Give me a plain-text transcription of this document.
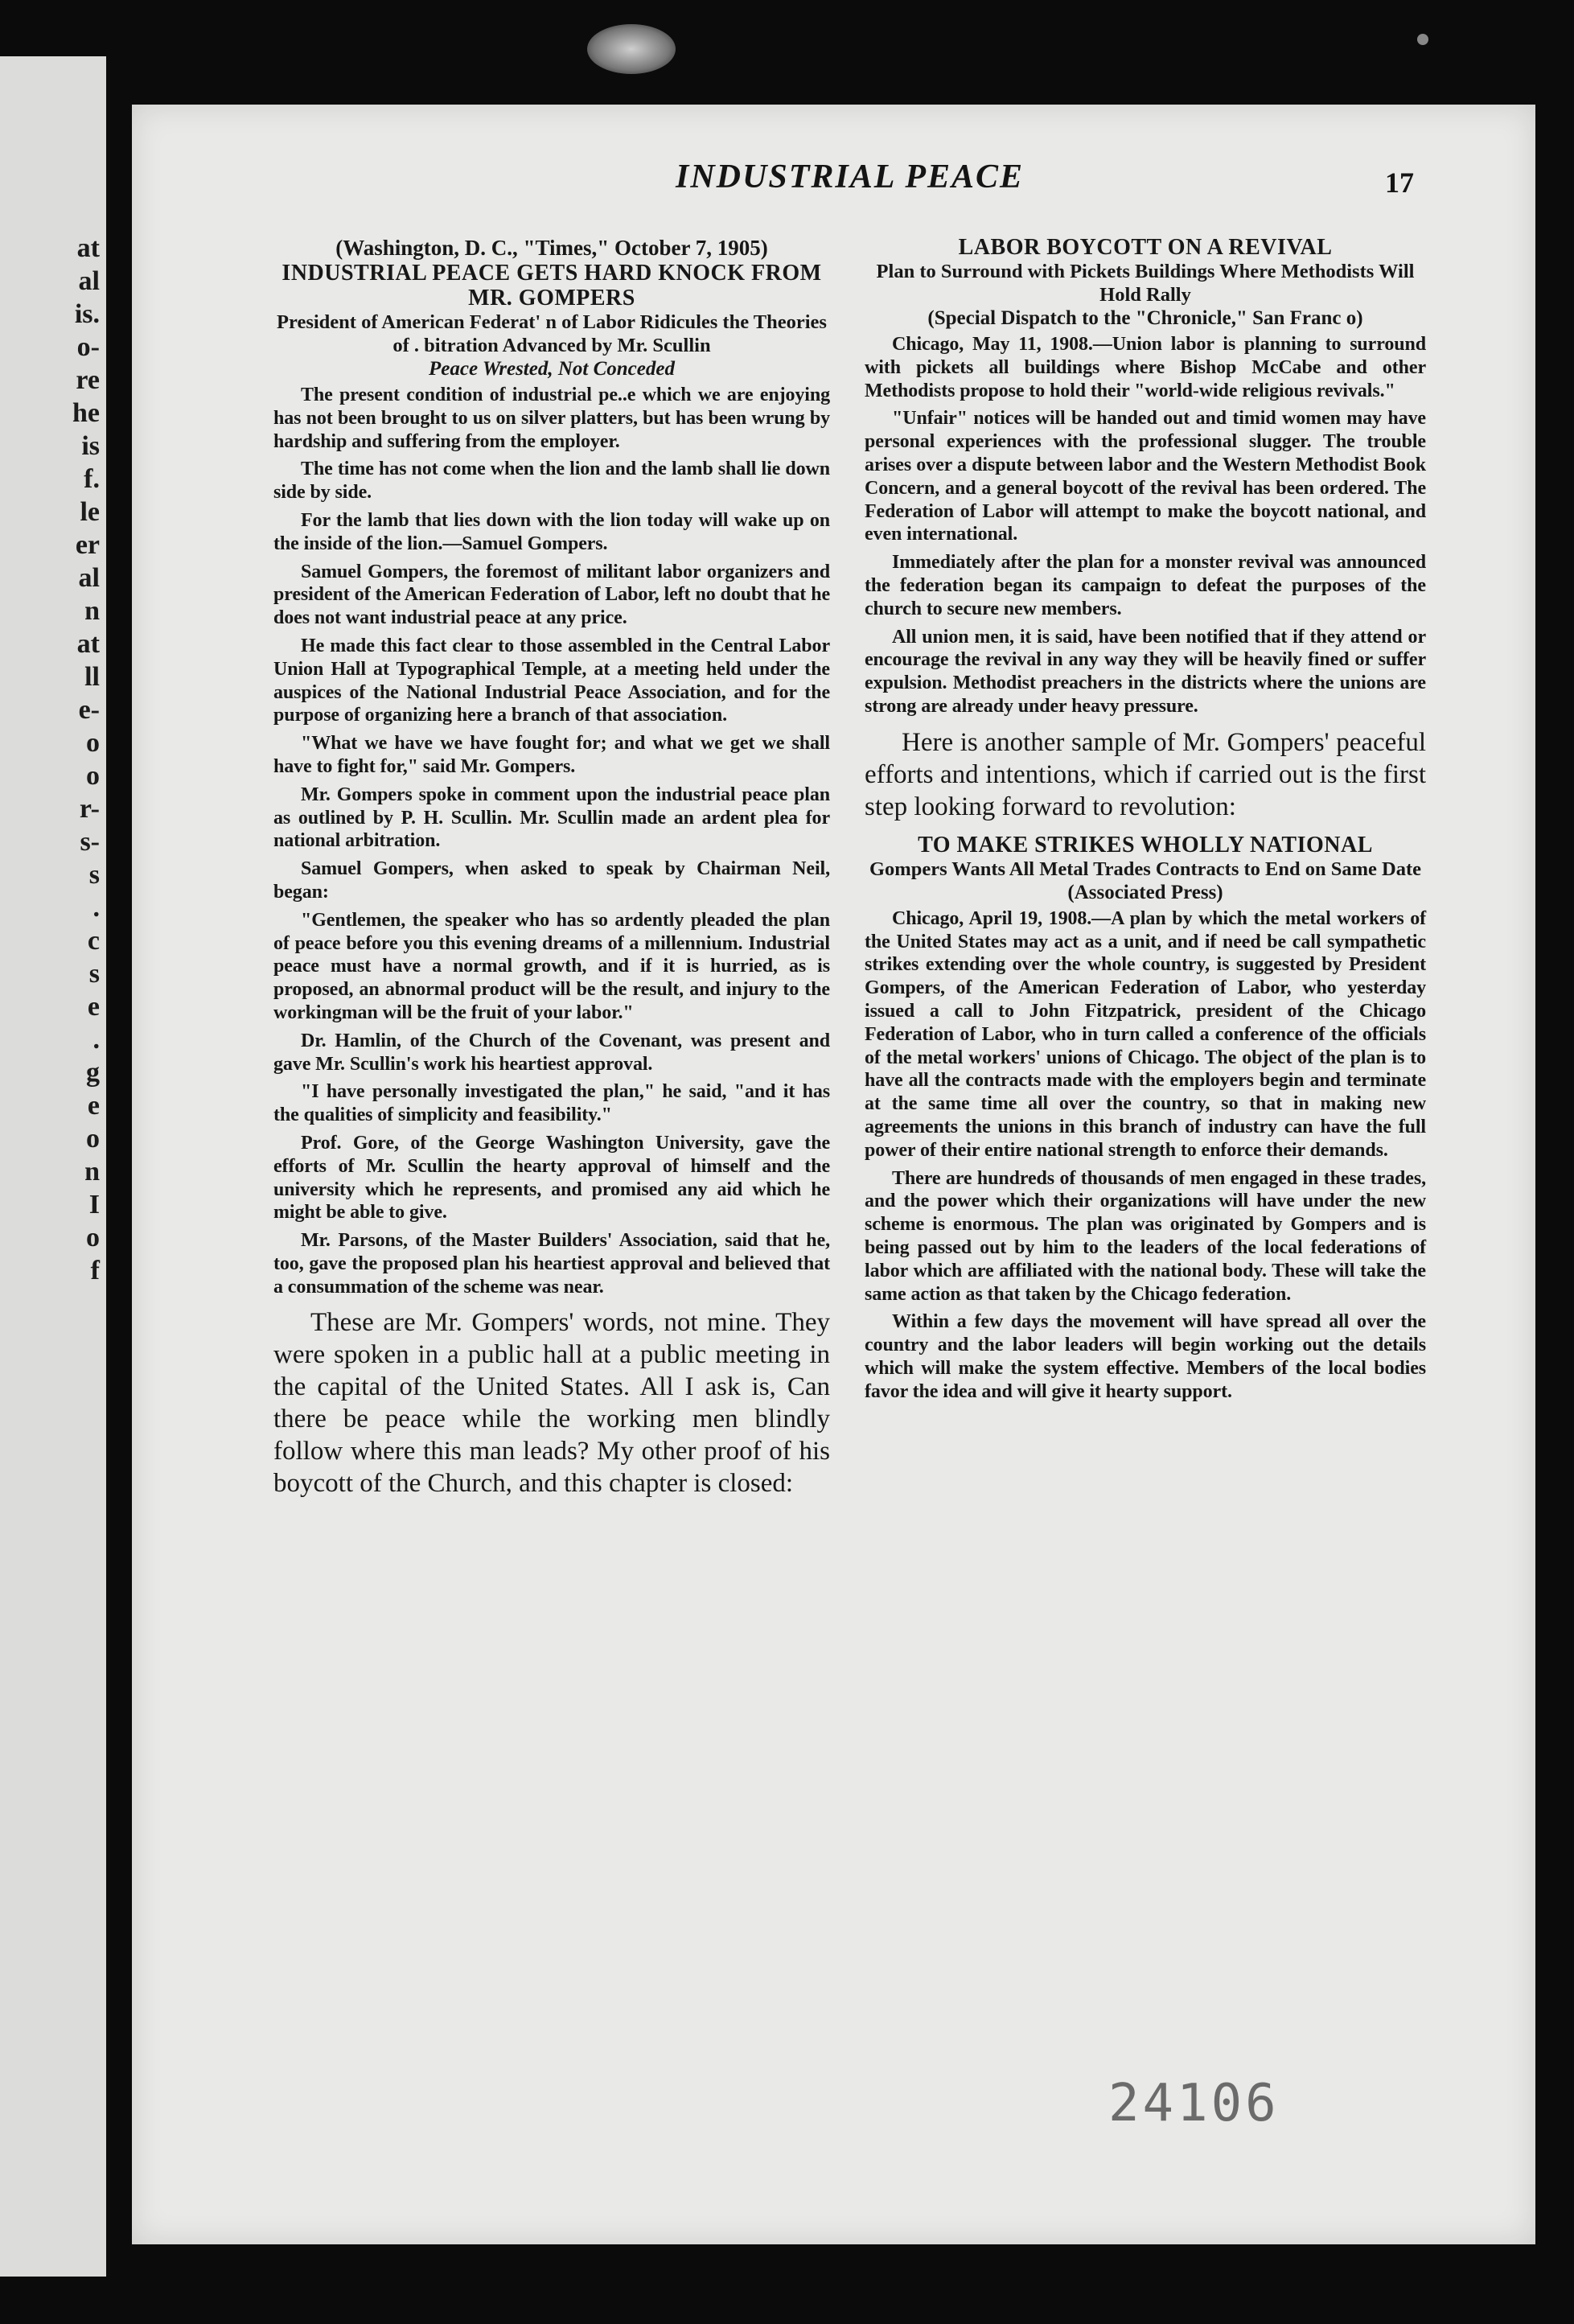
at
al
is.
o-
re
he
is
f.
le
er
al
n
at
ll
e-
o
o
r-
s-
s
.
c
s
e
.
g
e
o
n
I
o
f
INDUSTRIAL PEACE	17
(Washington, D. C., "Times," October 7, 1905)
INDUSTRIAL PEACE GETS HARD KNOCK FROM MR. GOMPERS
President of American Federat' n of Labor Ridicules the Theories of . bitration Advanced by Mr. Scullin
Peace Wrested, Not Conceded

The present condition of industrial pe..e which we are enjoying has not been brought to us on silver platters, but has been wrung by hardship and suffering from the employer.

The time has not come when the lion and the lamb shall lie down side by side.

For the lamb that lies down with the lion today will wake up on the inside of the lion.—Samuel Gompers.

Samuel Gompers, the foremost of militant labor organizers and president of the American Federation of Labor, left no doubt that he does not want industrial peace at any price.

He made this fact clear to those assembled in the Central Labor Union Hall at Typographical Temple, at a meeting held under the auspices of the National Industrial Peace Association, and for the purpose of organizing here a branch of that association.

"What we have we have fought for; and what we get we shall have to fight for," said Mr. Gompers.

Mr. Gompers spoke in comment upon the industrial peace plan as outlined by P. H. Scullin. Mr. Scullin made an ardent plea for national arbitration.

Samuel Gompers, when asked to speak by Chairman Neil, began:

"Gentlemen, the speaker who has so ardently pleaded the plan of peace before you this evening dreams of a millennium. Industrial peace must have a normal growth, and if it is hurried, as is proposed, an abnormal product will be the result, and injury to the workingman will be the fruit of your labor."

Dr. Hamlin, of the Church of the Covenant, was present and gave Mr. Scullin's work his heartiest approval.

"I have personally investigated the plan," he said, "and it has the qualities of simplicity and feasibility."

Prof. Gore, of the George Washington University, gave the efforts of Mr. Scullin the hearty approval of himself and the university which he represents, and promised any aid which he might be able to give.

Mr. Parsons, of the Master Builders' Association, said that he, too, gave the proposed plan his heartiest approval and believed that a consummation of the scheme was near.

These are Mr. Gompers' words, not mine. They were spoken in a public hall at a public meeting in the capital of the United States. All I ask is, Can there be peace while the working men blindly follow where this man leads? My other proof of his boycott of the Church, and this chapter is closed:

LABOR BOYCOTT ON A REVIVAL
Plan to Surround with Pickets Buildings Where Methodists Will Hold Rally
(Special Dispatch to the "Chronicle," San Franc o)

Chicago, May 11, 1908.—Union labor is planning to surround with pickets all buildings where Bishop McCabe and other Methodists propose to hold their "world-wide religious revivals."

"Unfair" notices will be handed out and timid women may have personal experiences with the professional slugger. The trouble arises over a dispute between labor and the Western Methodist Book Concern, and a general boycott of the revival has been ordered. The Federation of Labor will attempt to make the boycott national, and even international.

Immediately after the plan for a monster revival was announced the federation began its campaign to defeat the purposes of the church to secure new members.

All union men, it is said, have been notified that if they attend or encourage the revival in any way they will be heavily fined or suffer expulsion. Methodist preachers in the districts where the unions are strong are already under heavy pressure.

Here is another sample of Mr. Gompers' peaceful efforts and intentions, which if carried out is the first step looking forward to revolution:

TO MAKE STRIKES WHOLLY NATIONAL
Gompers Wants All Metal Trades Contracts to End on Same Date
(Associated Press)

Chicago, April 19, 1908.—A plan by which the metal workers of the United States may act as a unit, and if need be call sympathetic strikes extending over the whole country, is suggested by President Gompers, of the American Federation of Labor, who yesterday issued a call to John Fitzpatrick, president of the Chicago Federation of Labor, who in turn called a conference of the officials of the metal workers' unions of Chicago. The object of the plan is to have all the contracts made with the employers begin and terminate at the same time all over the country, so that in making new agreements the unions in this branch of industry can have the full power of their entire national strength to enforce their demands.

There are hundreds of thousands of men engaged in these trades, and the power which their organizations will have under the new scheme is enormous. The plan was originated by Gompers and is being passed out by him to the leaders of the local federations of labor which are affiliated with the national body. These will take the same action as that taken by the Chicago federation.

Within a few days the movement will have spread all over the country and the labor leaders will begin working out the details which will make the system effective. Members of the local bodies favor the idea and will give it hearty support.

24106
